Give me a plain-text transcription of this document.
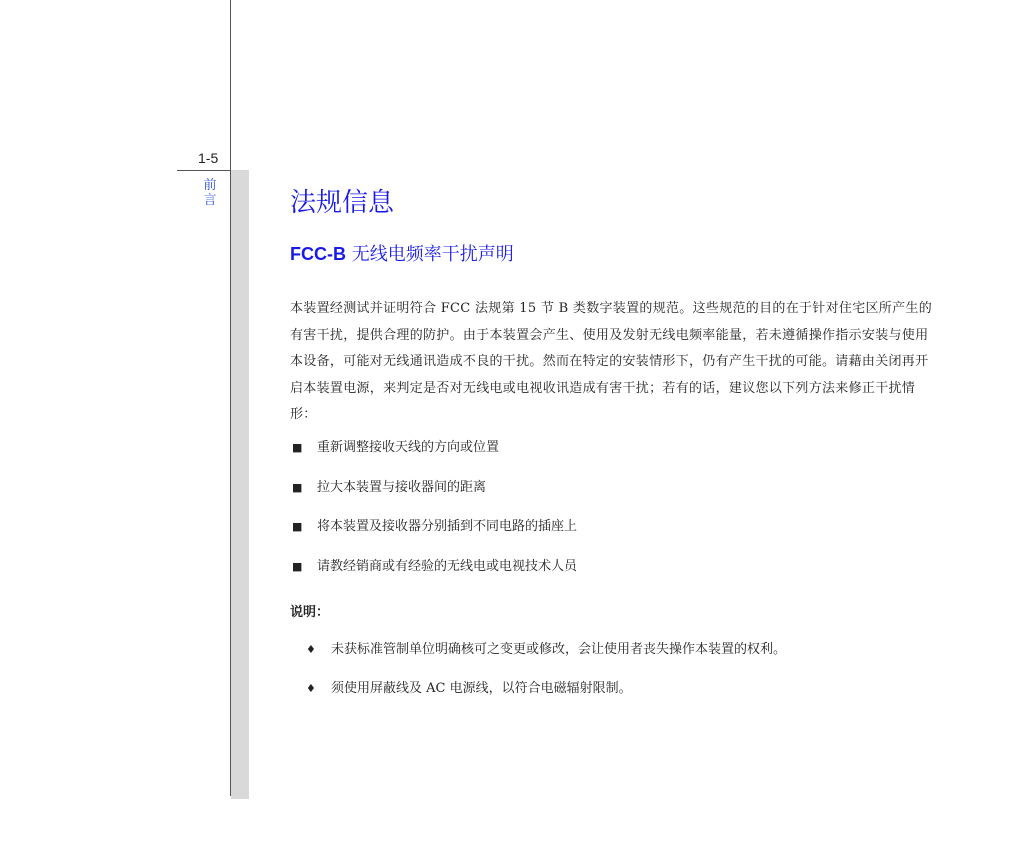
1-5
前
言	法规信息
FCC-B 无线电频率干扰声明

本装置经测试并证明符合 FCC 法规第 15 节 B 类数字装置的规范。这些规范的目的在于针对住宅区所产生的有害干扰，提供合理的防护。由于本装置会产生、使用及发射无线电频率能量，若未遵循操作指示安装与使用本设备，可能对无线通讯造成不良的干扰。然而在特定的安装情形下，仍有产生干扰的可能。请藉由关闭再开启本装置电源，来判定是否对无线电或电视收讯造成有害干扰；若有的话，建议您以下列方法来修正干扰情形：

■ 重新调整接收天线的方向或位置
■ 拉大本装置与接收器间的距离
■ 将本装置及接收器分别插到不同电路的插座上
■ 请教经销商或有经验的无线电或电视技术人员

说明：

♦ 未获标准管制单位明确核可之变更或修改，会让使用者丧失操作本装置的权利。
♦ 须使用屏蔽线及 AC 电源线，以符合电磁辐射限制。
